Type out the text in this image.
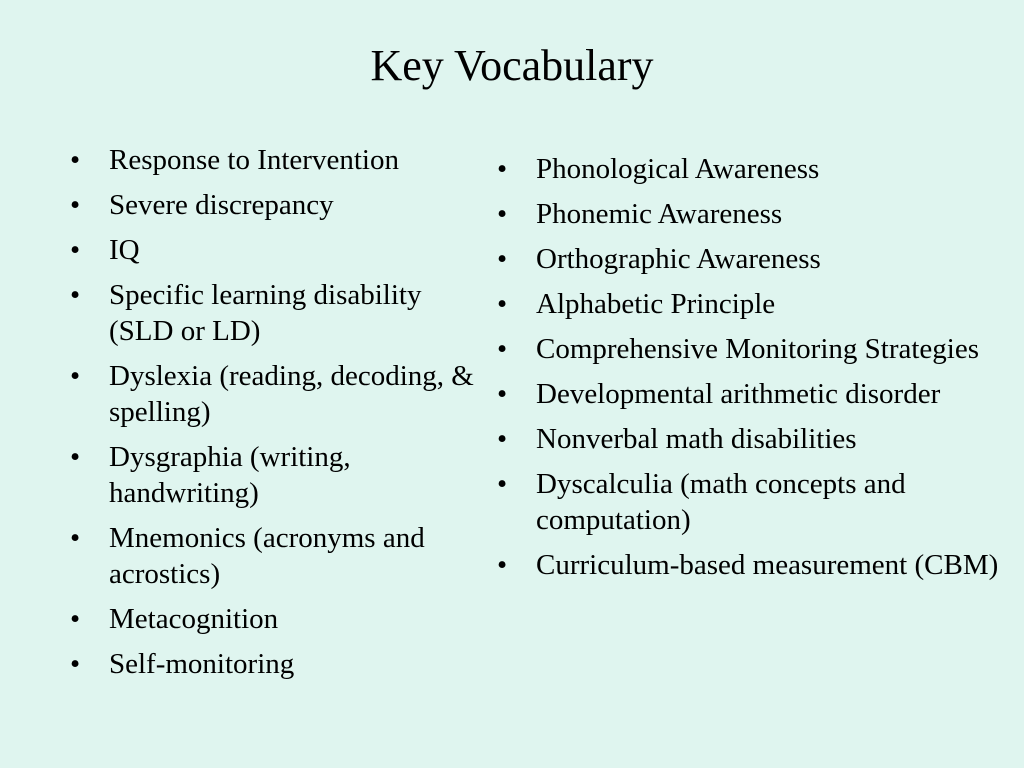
Key Vocabulary
• Response to Intervention
• Severe discrepancy
• IQ
• Specific learning disability (SLD or LD)
• Dyslexia (reading, decoding, & spelling)
• Dysgraphia (writing, handwriting)
• Mnemonics (acronyms and acrostics)
• Metacognition
• Self-monitoring
• Phonological Awareness
• Phonemic Awareness
• Orthographic Awareness
• Alphabetic Principle
• Comprehensive Monitoring Strategies
• Developmental arithmetic disorder
• Nonverbal math disabilities
• Dyscalculia (math concepts and computation)
• Curriculum-based measurement (CBM)
